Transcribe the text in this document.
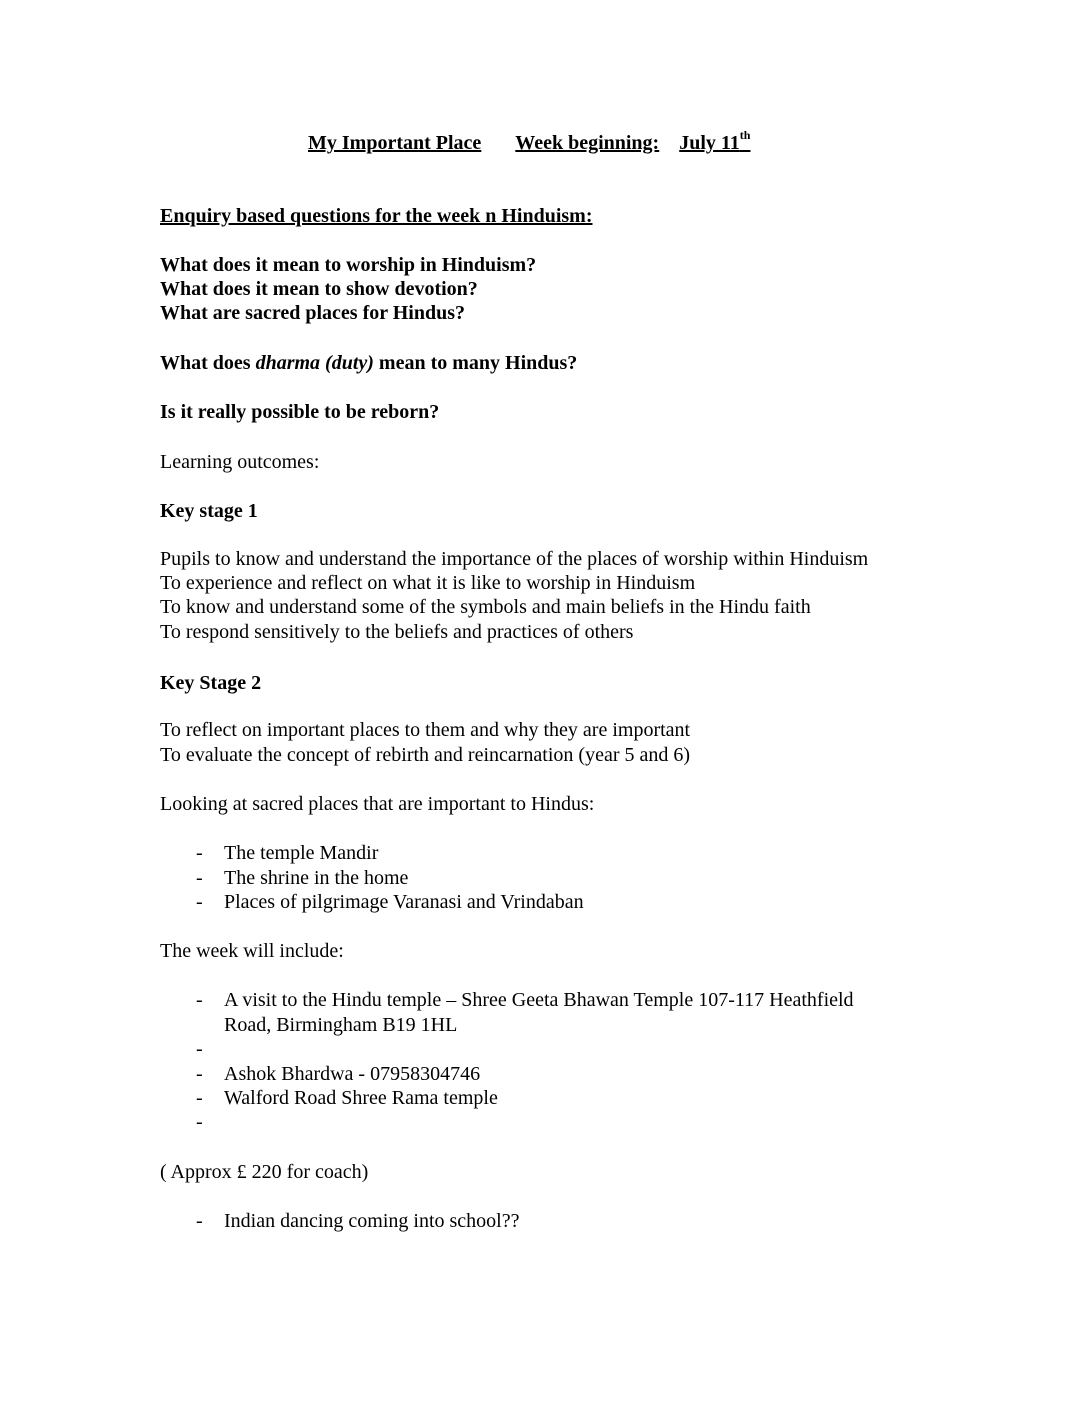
My Important Place Week beginning: July 11th
Enquiry based questions for the week n Hinduism:
What does it mean to worship in Hinduism?
What does it mean to show devotion?
What are sacred places for Hindus?
What does dharma (duty) mean to many Hindus?
Is it really possible to be reborn?
Learning outcomes:
Key stage 1
Pupils to know and understand the importance of the places of worship within Hinduism
To experience and reflect on what it is like to worship in Hinduism
To know and understand some of the symbols and main beliefs in the Hindu faith
To respond sensitively to the beliefs and practices of others
Key Stage 2
To reflect on important places to them and why they are important
To evaluate the concept of rebirth and reincarnation (year 5 and 6)
Looking at sacred places that are important to Hindus:
- The temple Mandir
- The shrine in the home
- Places of pilgrimage Varanasi and Vrindaban
The week will include:
- A visit to the Hindu temple – Shree Geeta Bhawan Temple 107-117 Heathfield
Road, Birmingham B19 1HL
-
- Ashok Bhardwa - 07958304746
- Walford Road Shree Rama temple
-
( Approx £ 220 for coach)
- Indian dancing coming into school??
